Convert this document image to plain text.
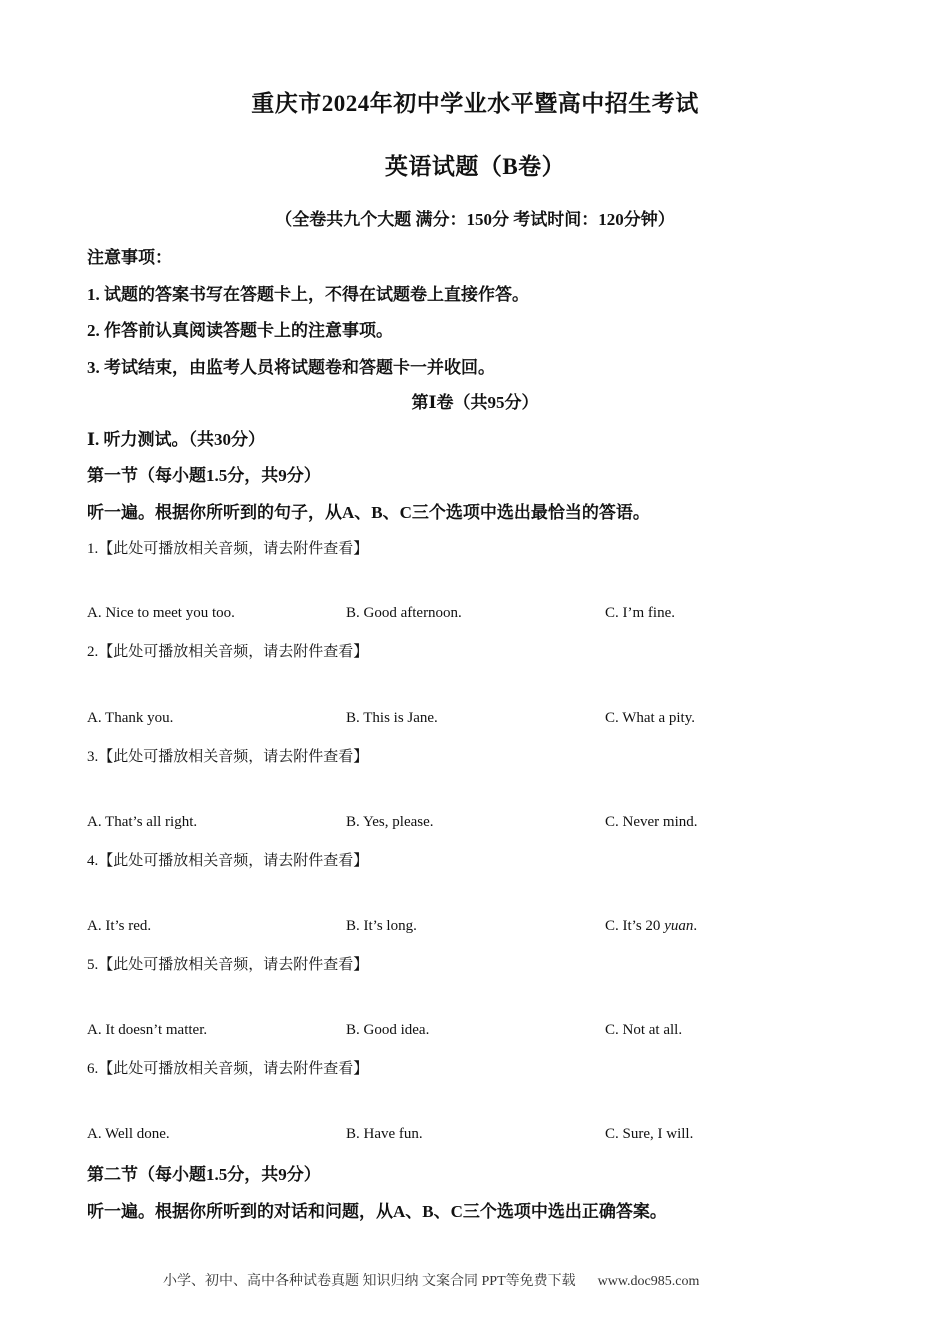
重庆市2024年初中学业水平暨高中招生考试
英语试题（B卷）
（全卷共九个大题 满分：150分 考试时间：120分钟）
注意事项：
1. 试题的答案书写在答题卡上，不得在试题卷上直接作答。
2. 作答前认真阅读答题卡上的注意事项。
3. 考试结束，由监考人员将试题卷和答题卡一并收回。
第Ⅰ卷（共95分）
Ⅰ. 听力测试。（共30分）
第一节（每小题1.5分，共9分）
听一遍。根据你所听到的句子，从A、B、C三个选项中选出最恰当的答语。
1.【此处可播放相关音频，请去附件查看】
A. Nice to meet you too.	B. Good afternoon.	C. I’m fine.
2.【此处可播放相关音频，请去附件查看】
A. Thank you.	B. This is Jane.	C. What a pity.
3.【此处可播放相关音频，请去附件查看】
A. That’s all right.	B. Yes, please.	C. Never mind.
4.【此处可播放相关音频，请去附件查看】
A. It’s red.	B. It’s long.	C. It’s 20 yuan.
5.【此处可播放相关音频，请去附件查看】
A. It doesn’t matter.	B. Good idea.	C. Not at all.
6.【此处可播放相关音频，请去附件查看】
A. Well done.	B. Have fun.	C. Sure, I will.
第二节（每小题1.5分，共9分）
听一遍。根据你所听到的对话和问题，从A、B、C三个选项中选出正确答案。
小学、初中、高中各种试卷真题 知识归纳 文案合同 PPT等免费下载 www.doc985.com
